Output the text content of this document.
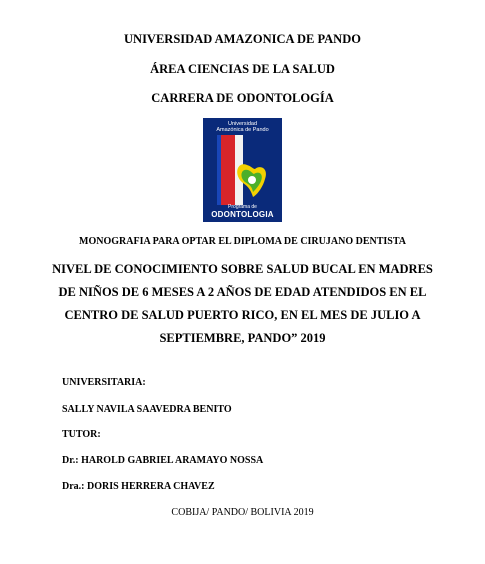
UNIVERSIDAD AMAZONICA DE PANDO
ÁREA CIENCIAS DE LA SALUD
CARRERA DE ODONTOLOGÍA
Universidad
Amazónica de Pando
Programa de
ODONTOLOGIA
MONOGRAFIA PARA OPTAR EL DIPLOMA DE CIRUJANO DENTISTA
NIVEL DE CONOCIMIENTO SOBRE SALUD BUCAL EN MADRES
DE NIÑOS DE 6 MESES A 2 AÑOS DE EDAD ATENDIDOS EN EL
CENTRO DE SALUD PUERTO RICO, EN EL MES DE JULIO A
SEPTIEMBRE, PANDO” 2019
UNIVERSITARIA:
SALLY NAVILA SAAVEDRA BENITO
TUTOR:
Dr.: HAROLD GABRIEL ARAMAYO NOSSA
Dra.: DORIS HERRERA CHAVEZ
COBIJA/ PANDO/ BOLIVIA 2019
